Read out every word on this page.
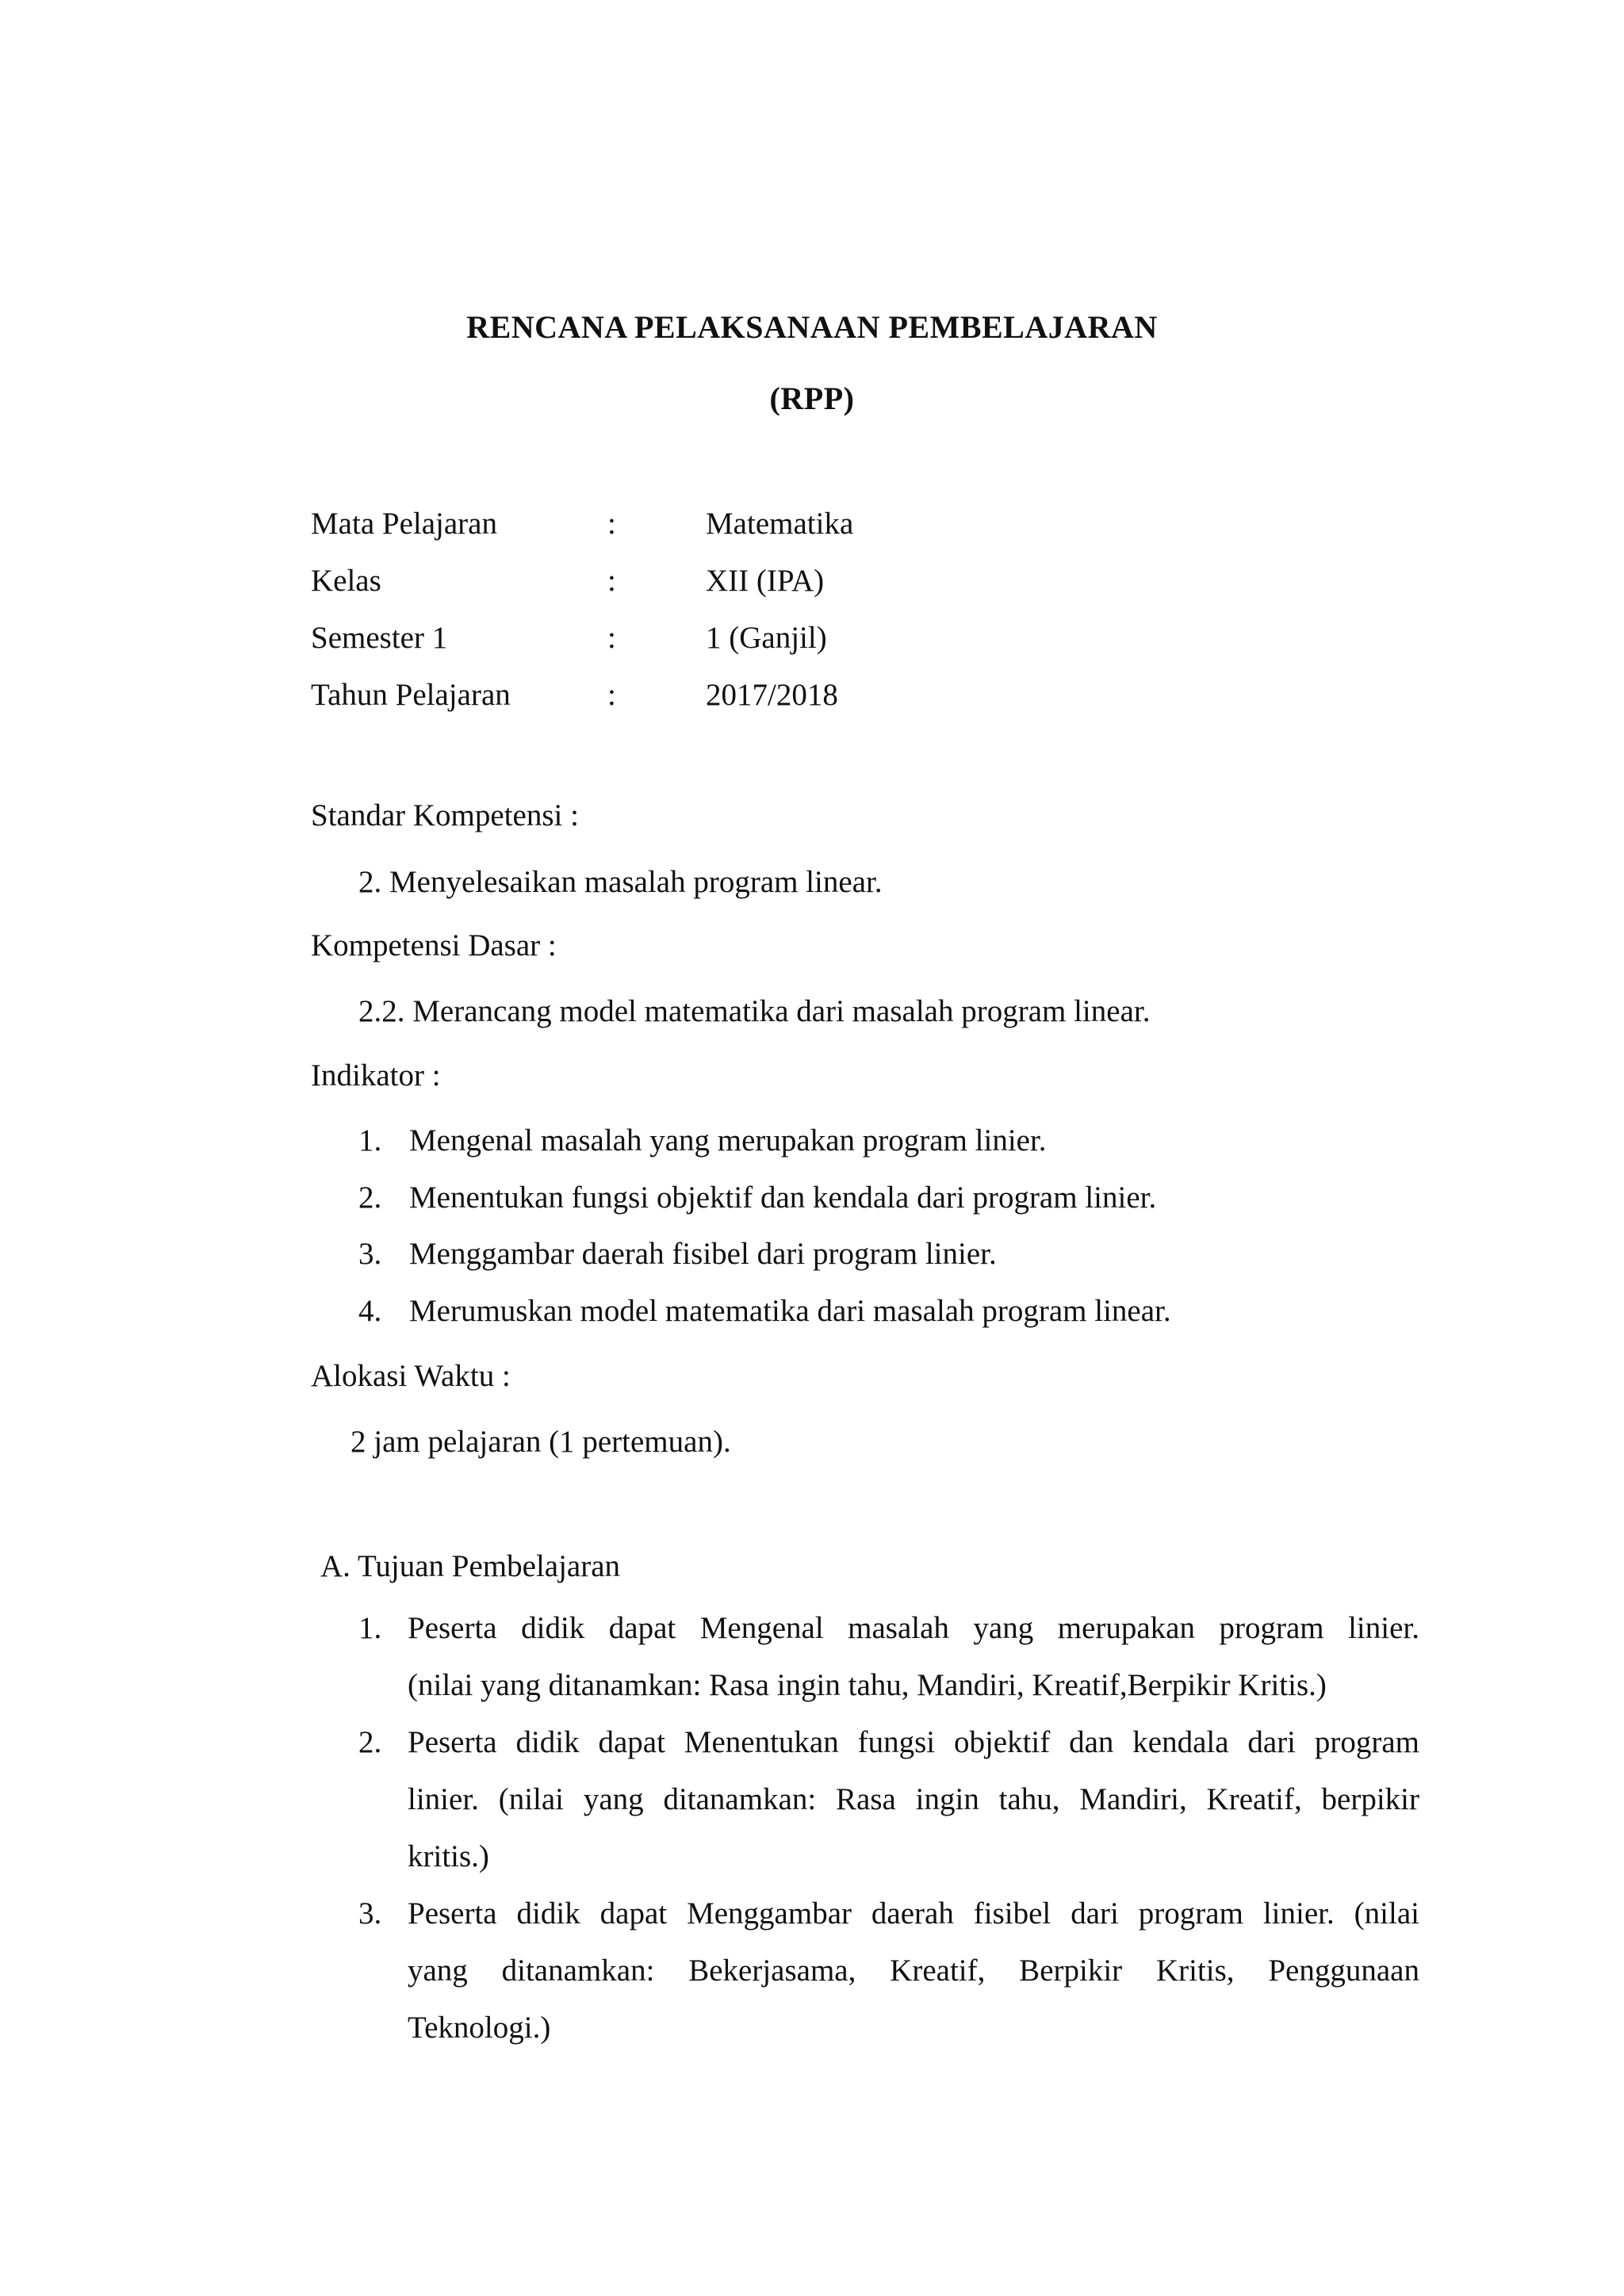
RENCANA PELAKSANAAN PEMBELAJARAN
(RPP)
Mata Pelajaran	:	Matematika
Kelas	:	XII (IPA)
Semester 1	:	1 (Ganjil)
Tahun Pelajaran	:	2017/2018
Standar Kompetensi :
2. Menyelesaikan masalah program linear.
Kompetensi Dasar :
2.2. Merancang model matematika dari masalah program linear.
Indikator :
1. Mengenal masalah yang merupakan program linier.
2. Menentukan fungsi objektif dan kendala dari program linier.
3. Menggambar daerah fisibel dari program linier.
4. Merumuskan model matematika dari masalah program linear.
Alokasi Waktu :
2 jam pelajaran (1 pertemuan).
A. Tujuan Pembelajaran
1. Peserta didik dapat Mengenal masalah yang merupakan program linier.
(nilai yang ditanamkan: Rasa ingin tahu, Mandiri, Kreatif,Berpikir Kritis.)
2. Peserta didik dapat Menentukan fungsi objektif dan kendala dari program
linier. (nilai yang ditanamkan: Rasa ingin tahu, Mandiri, Kreatif, berpikir
kritis.)
3. Peserta didik dapat Menggambar daerah fisibel dari program linier. (nilai
yang ditanamkan: Bekerjasama, Kreatif, Berpikir Kritis, Penggunaan
Teknologi.)
